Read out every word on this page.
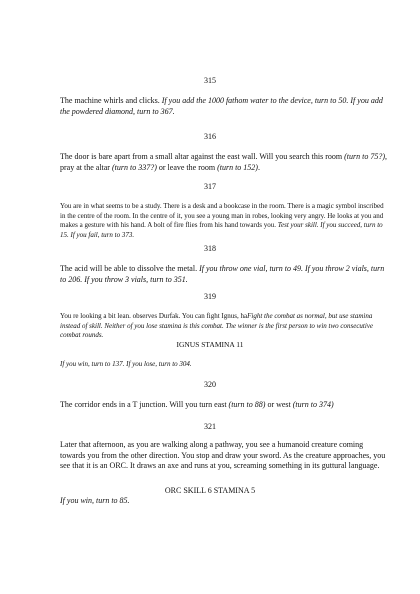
315
The machine whirls and clicks. If you add the 1000 fathom water to the device, turn to 50. If you add the powdered diamond, turn to 367.
316
The door is bare apart from a small altar against the east wall. Will you search this room (turn to 75?), pray at the altar (turn to 337?) or leave the room (turn to 152).
317
You are in what seems to be a study. There is a desk and a bookcase in the room. There is a magic symbol inscribed in the centre of the room. In the centre of it, you see a young man in robes, looking very angry. He looks at you and makes a gesture with his hand. A bolt of fire flies from his hand towards you. Test your skill. If you succeed, turn to 15. If you fail, turn to 373.
318
The acid will be able to dissolve the metal. If you throw one vial, turn to 49. If you throw 2 vials, turn to 206. If you throw 3 vials, turn to 351.
319
You re looking a bit lean. observes Durfak. You can fight Ignus, haFight the combat as normal, but use stamina instead of skill. Neither of you lose stamina is this combat. The winner is the first person to win two consecutive combat rounds.
IGNUS STAMINA 11
If you win, turn to 137. If you lose, turn to 304.
320
The corridor ends in a T junction. Will you turn east (turn to 88) or west (turn to 374)
321
Later that afternoon, as you are walking along a pathway, you see a humanoid creature coming towards you from the other direction. You stop and draw your sword. As the creature approaches, you see that it is an ORC. It draws an axe and runs at you, screaming something in its guttural language.
ORC SKILL 6 STAMINA 5
If you win, turn to 85.
